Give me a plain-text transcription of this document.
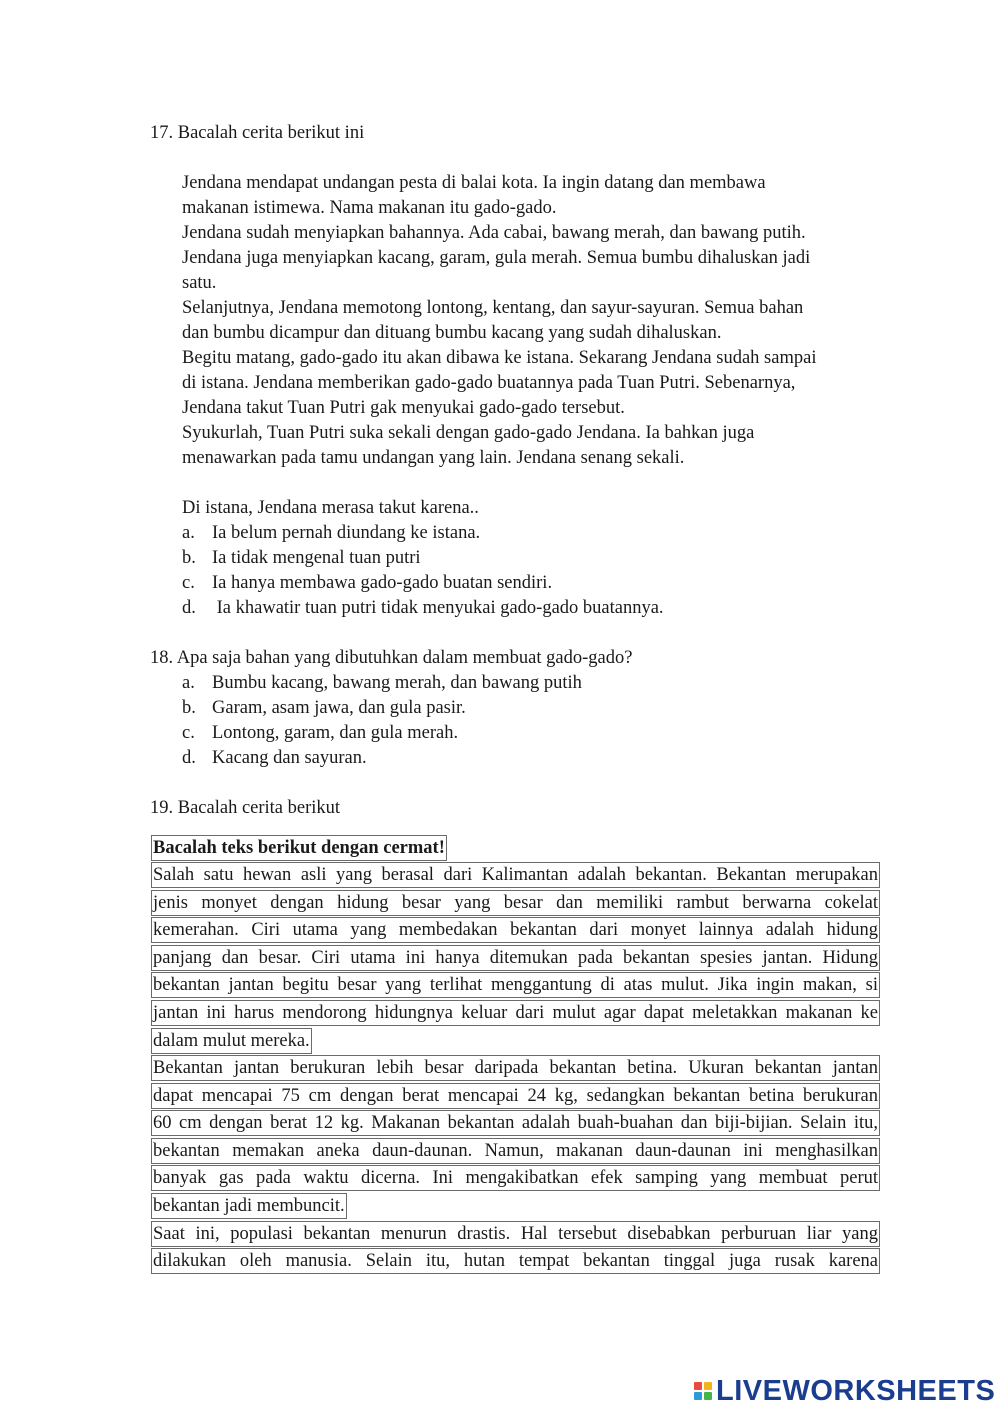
17. Bacalah cerita berikut ini
Jendana mendapat undangan pesta di balai kota. Ia ingin datang dan membawa
makanan istimewa. Nama makanan itu gado-gado.
Jendana sudah menyiapkan bahannya. Ada cabai, bawang merah, dan bawang putih.
Jendana juga menyiapkan kacang, garam, gula merah. Semua bumbu dihaluskan jadi
satu.
Selanjutnya, Jendana memotong lontong, kentang, dan sayur-sayuran. Semua bahan
dan bumbu dicampur dan dituang bumbu kacang yang sudah dihaluskan.
Begitu matang, gado-gado itu akan dibawa ke istana. Sekarang Jendana sudah sampai
di istana. Jendana memberikan gado-gado buatannya pada Tuan Putri. Sebenarnya,
Jendana takut Tuan Putri gak menyukai gado-gado tersebut.
Syukurlah, Tuan Putri suka sekali dengan gado-gado Jendana. Ia bahkan juga
menawarkan pada tamu undangan yang lain. Jendana senang sekali.
Di istana, Jendana merasa takut karena..
a. Ia belum pernah diundang ke istana.
b. Ia tidak mengenal tuan putri
c. Ia hanya membawa gado-gado buatan sendiri.
d. Ia khawatir tuan putri tidak menyukai gado-gado buatannya.
18. Apa saja bahan yang dibutuhkan dalam membuat gado-gado?
a. Bumbu kacang, bawang merah, dan bawang putih
b. Garam, asam jawa, dan gula pasir.
c. Lontong, garam, dan gula merah.
d. Kacang dan sayuran.
19. Bacalah cerita berikut
Bacalah teks berikut dengan cermat!
Salah satu hewan asli yang berasal dari Kalimantan adalah bekantan. Bekantan merupakan
jenis monyet dengan hidung besar yang besar dan memiliki rambut berwarna cokelat
kemerahan. Ciri utama yang membedakan bekantan dari monyet lainnya adalah hidung
panjang dan besar. Ciri utama ini hanya ditemukan pada bekantan spesies jantan. Hidung
bekantan jantan begitu besar yang terlihat menggantung di atas mulut. Jika ingin makan, si
jantan ini harus mendorong hidungnya keluar dari mulut agar dapat meletakkan makanan ke
dalam mulut mereka.
Bekantan jantan berukuran lebih besar daripada bekantan betina. Ukuran bekantan jantan
dapat mencapai 75 cm dengan berat mencapai 24 kg, sedangkan bekantan betina berukuran
60 cm dengan berat 12 kg. Makanan bekantan adalah buah-buahan dan biji-bijian. Selain itu,
bekantan memakan aneka daun-daunan. Namun, makanan daun-daunan ini menghasilkan
banyak gas pada waktu dicerna. Ini mengakibatkan efek samping yang membuat perut
bekantan jadi membuncit.
Saat ini, populasi bekantan menurun drastis. Hal tersebut disebabkan perburuan liar yang
dilakukan oleh manusia. Selain itu, hutan tempat bekantan tinggal juga rusak karena
LIVEWORKSHEETS
